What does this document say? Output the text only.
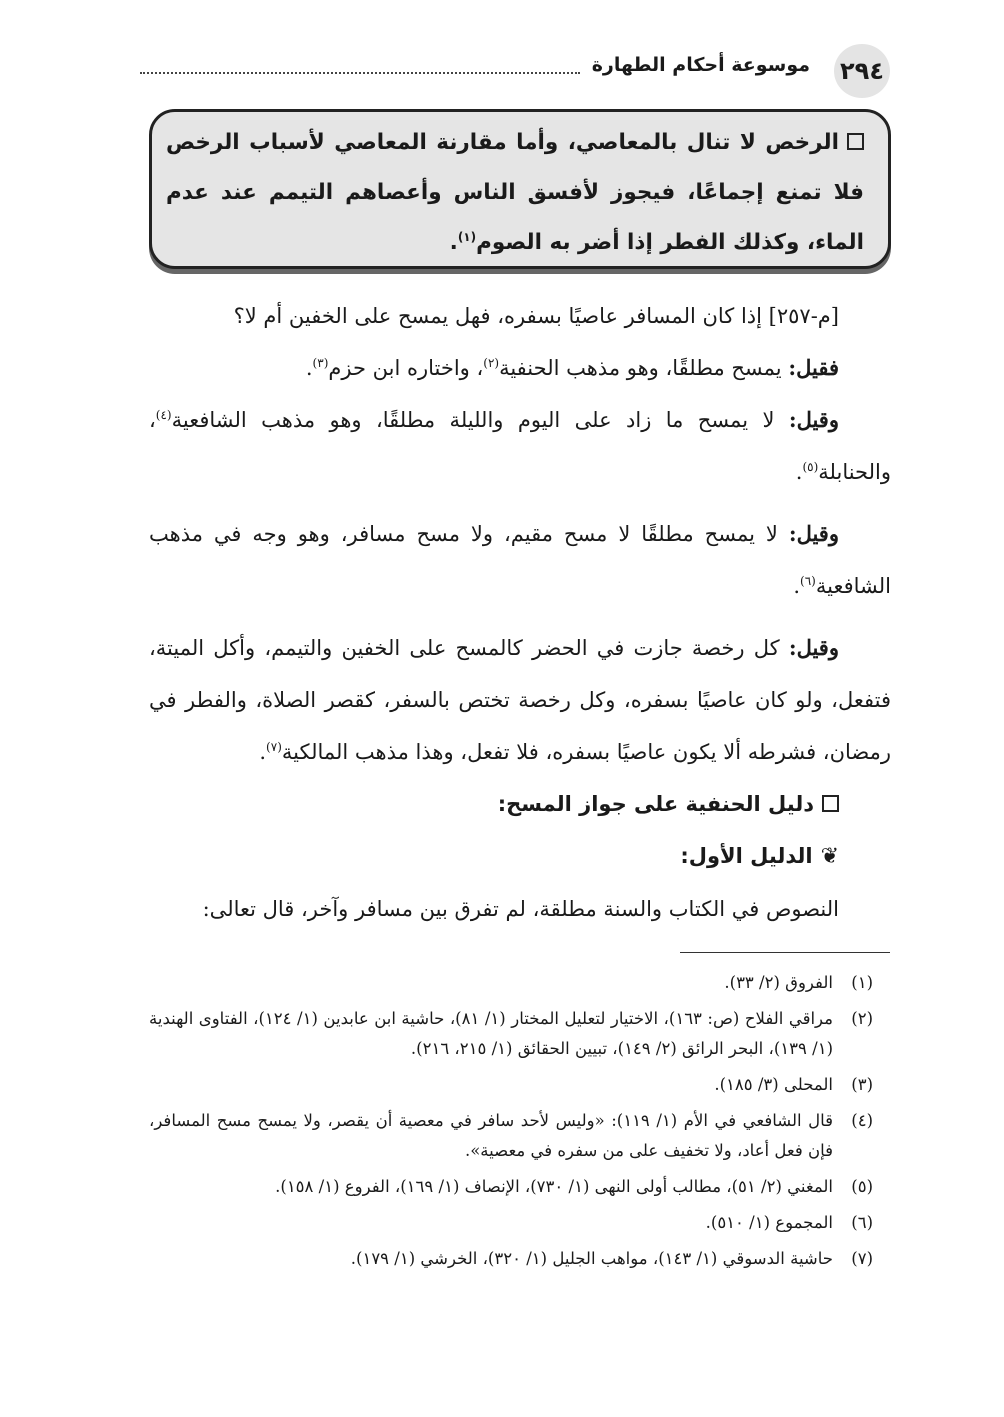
٢٩٤
موسوعة أحكام الطهارة

الرخص لا تنال بالمعاصي، وأما مقارنة المعاصي لأسباب الرخص فلا تمنع إجماعًا، فيجوز لأفسق الناس وأعصاهم التيمم عند عدم الماء، وكذلك الفطر إذا أضر به الصوم$^{(١)}$.

[م-٢٥٧] إذا كان المسافر عاصيًا بسفره، فهل يمسح على الخفين أم لا؟

فقيل: يمسح مطلقًا، وهو مذهب الحنفية$^{(٢)}$، واختاره ابن حزم$^{(٣)}$.

وقيل: لا يمسح ما زاد على اليوم والليلة مطلقًا، وهو مذهب الشافعية$^{(٤)}$، والحنابلة$^{(٥)}$.

وقيل: لا يمسح مطلقًا لا مسح مقيم، ولا مسح مسافر، وهو وجه في مذهب الشافعية$^{(٦)}$.

وقيل: كل رخصة جازت في الحضر كالمسح على الخفين والتيمم، وأكل الميتة، فتفعل، ولو كان عاصيًا بسفره، وكل رخصة تختص بالسفر، كقصر الصلاة، والفطر في رمضان، فشرطه ألا يكون عاصيًا بسفره، فلا تفعل، وهذا مذهب المالكية$^{(٧)}$.

دليل الحنفية على جواز المسح:

❦الدليل الأول:

النصوص في الكتاب والسنة مطلقة، لم تفرق بين مسافر وآخر، قال تعالى:

(١)
الفروق (٢/ ٣٣).
(٢)
مراقي الفلاح (ص: ١٦٣)، الاختيار لتعليل المختار (١/ ٨١)، حاشية ابن عابدين (١/ ١٢٤)، الفتاوى الهندية (١/ ١٣٩)، البحر الرائق (٢/ ١٤٩)، تبيين الحقائق (١/ ٢١٥، ٢١٦).
(٣)
المحلى (٣/ ١٨٥).
(٤)
قال الشافعي في الأم (١/ ١١٩): «وليس لأحد سافر في معصية أن يقصر، ولا يمسح مسح المسافر، فإن فعل أعاد، ولا تخفيف على من سفره في معصية».
(٥)
المغني (٢/ ٥١)، مطالب أولى النهى (١/ ٧٣٠)، الإنصاف (١/ ١٦٩)، الفروع (١/ ١٥٨).
(٦)
المجموع (١/ ٥١٠).
(٧)
حاشية الدسوقي (١/ ١٤٣)، مواهب الجليل (١/ ٣٢٠)، الخرشي (١/ ١٧٩).
